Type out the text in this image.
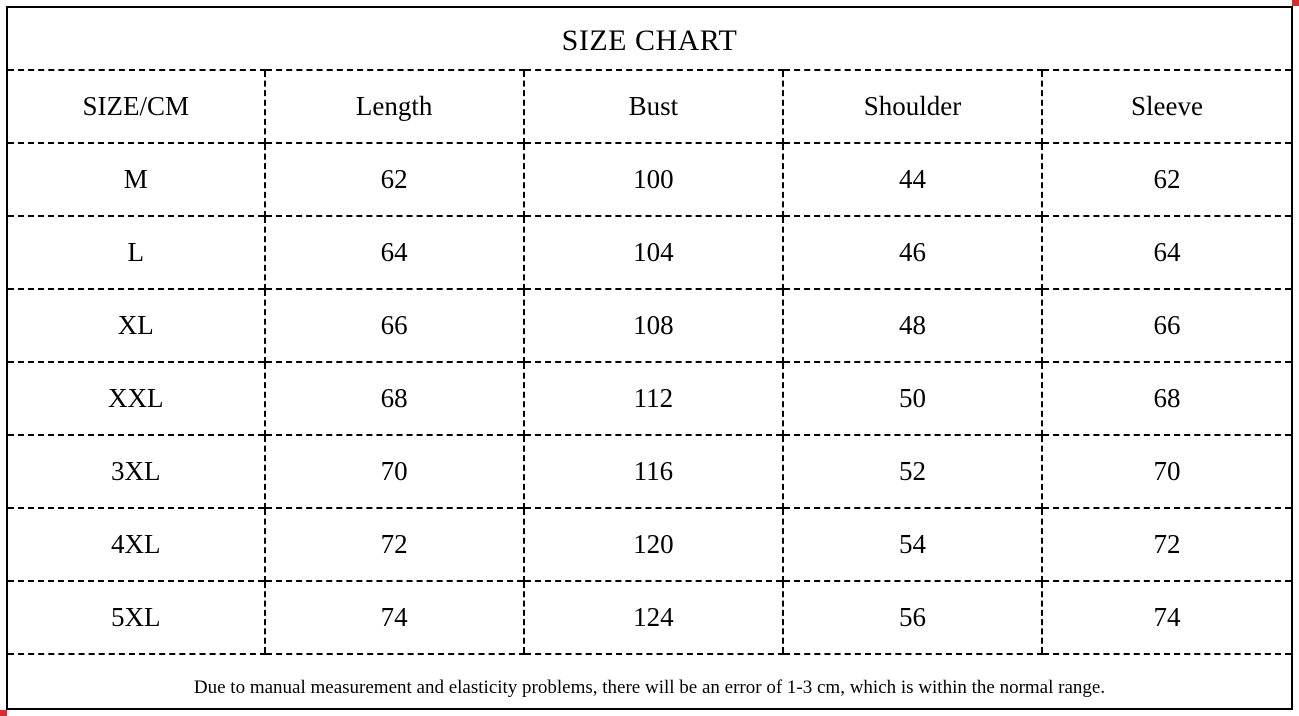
SIZE CHART
SIZE/CM	Length	Bust	Shoulder	Sleeve
M	62	100	44	62
L	64	104	46	64
XL	66	108	48	66
XXL	68	112	50	68
3XL	70	116	52	70
4XL	72	120	54	72
5XL	74	124	56	74
Due to manual measurement and elasticity problems, there will be an error of 1-3 cm, which is within the normal range.
